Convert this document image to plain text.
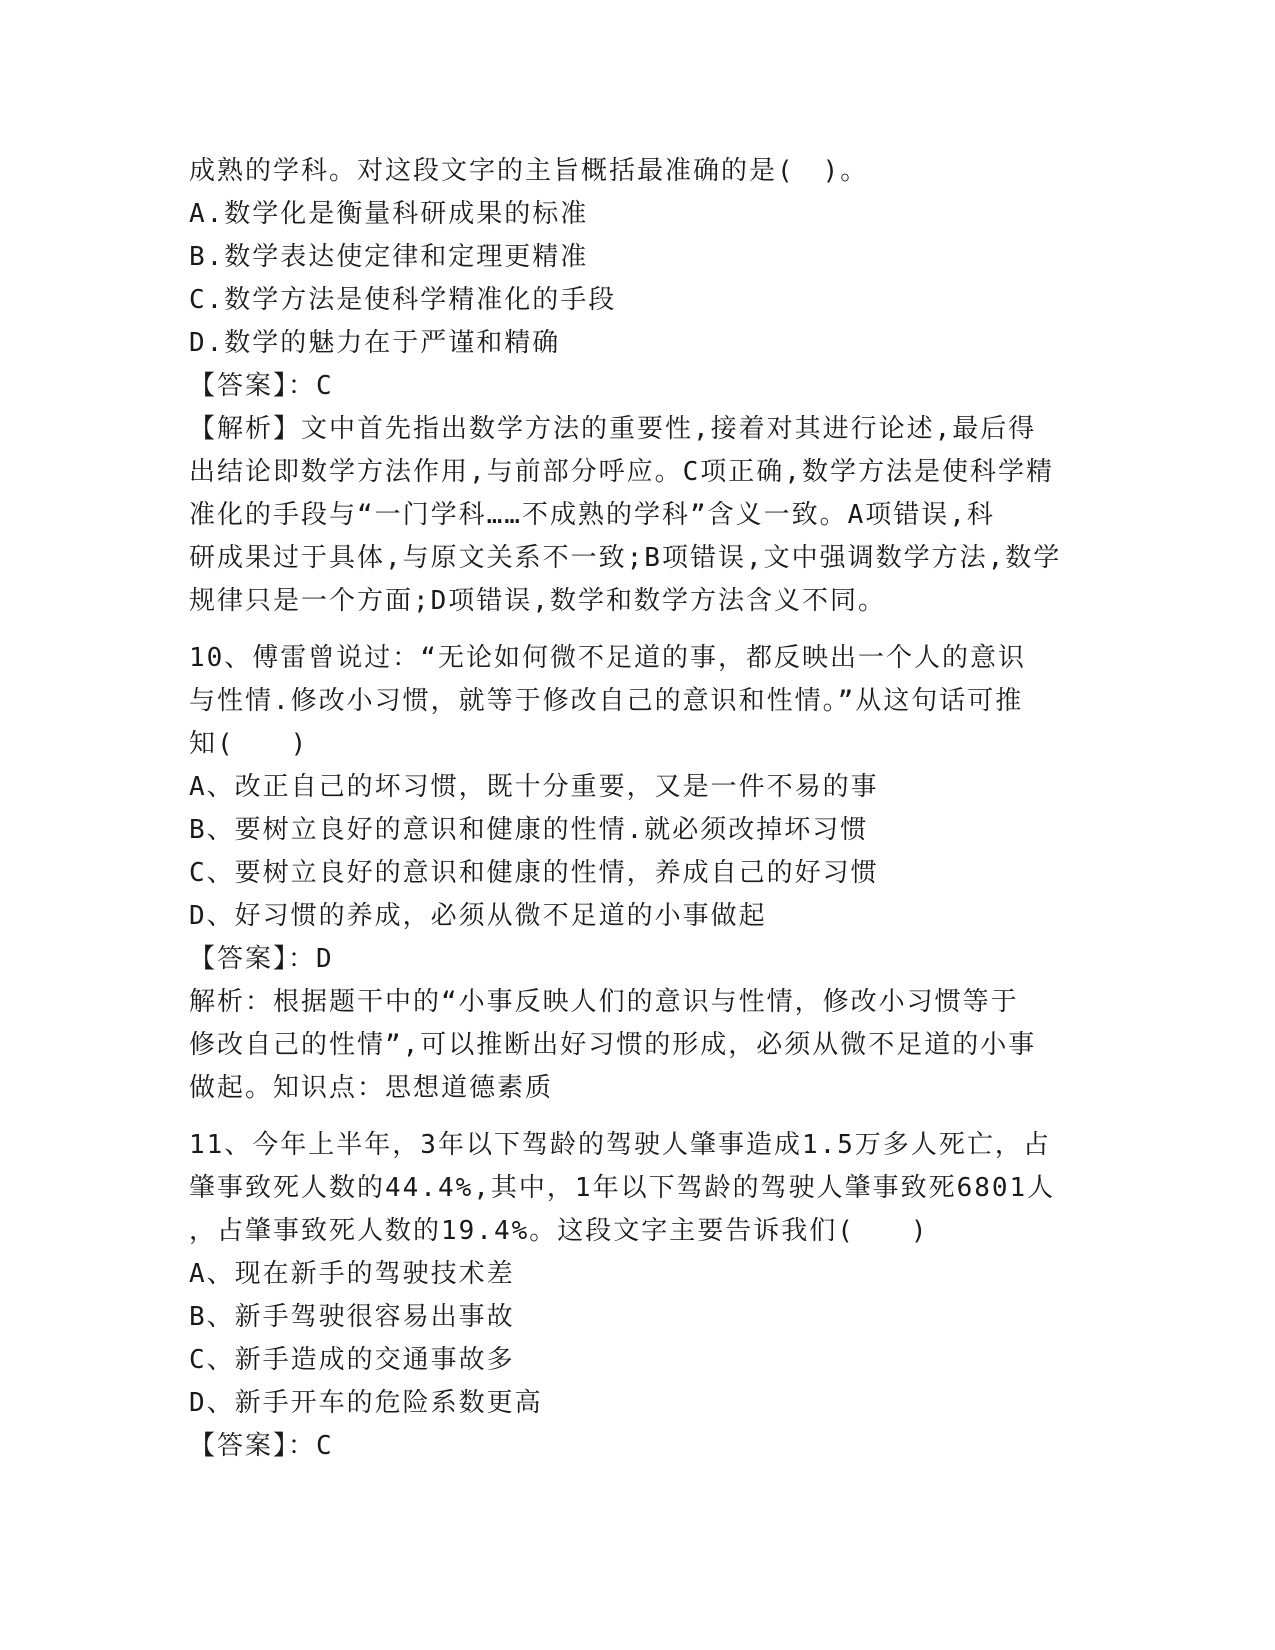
成熟的学科。对这段文字的主旨概括最准确的是(　)。
A.数学化是衡量科研成果的标准
B.数学表达使定律和定理更精准
C.数学方法是使科学精准化的手段
D.数学的魅力在于严谨和精确
【答案】：C
【解析】文中首先指出数学方法的重要性,接着对其进行论述,最后得
出结论即数学方法作用,与前部分呼应。C项正确,数学方法是使科学精
准化的手段与“一门学科……不成熟的学科”含义一致。A项错误,科
研成果过于具体,与原文关系不一致;B项错误,文中强调数学方法,数学
规律只是一个方面;D项错误,数学和数学方法含义不同。
10、傅雷曾说过：“无论如何微不足道的事，都反映出一个人的意识
与性情.修改小习惯，就等于修改自己的意识和性情。”从这句话可推
知(　　)
A、改正自己的坏习惯，既十分重要，又是一件不易的事
B、要树立良好的意识和健康的性情.就必须改掉坏习惯
C、要树立良好的意识和健康的性情，养成自己的好习惯
D、好习惯的养成，必须从微不足道的小事做起
【答案】：D
解析：根据题干中的“小事反映人们的意识与性情，修改小习惯等于
修改自己的性情”,可以推断出好习惯的形成，必须从微不足道的小事
做起。知识点：思想道德素质
11、今年上半年，3年以下驾龄的驾驶人肇事造成1.5万多人死亡，占
肇事致死人数的44.4%,其中，1年以下驾龄的驾驶人肇事致死6801人
，占肇事致死人数的19.4%。这段文字主要告诉我们(　　)
A、现在新手的驾驶技术差
B、新手驾驶很容易出事故
C、新手造成的交通事故多
D、新手开车的危险系数更高
【答案】：C
